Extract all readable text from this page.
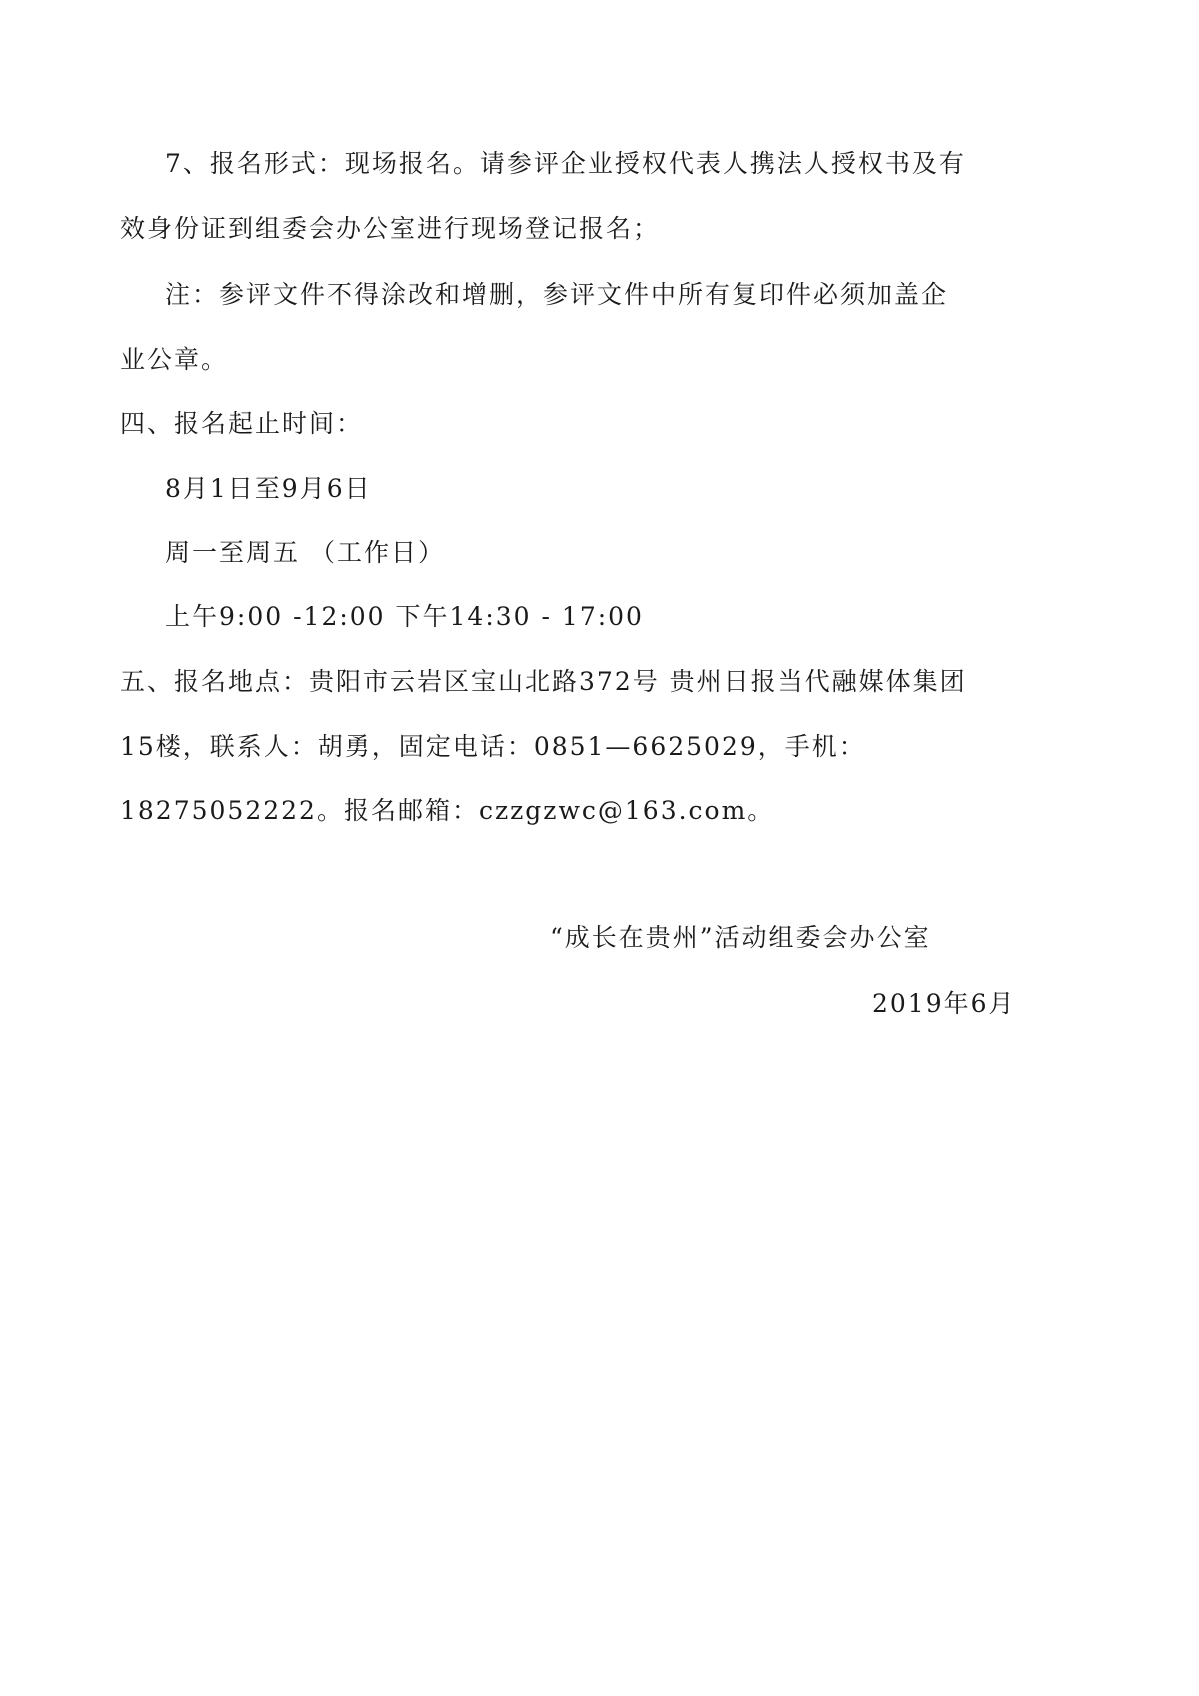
7、报名形式：现场报名。请参评企业授权代表人携法人授权书及有
效身份证到组委会办公室进行现场登记报名；
注：参评文件不得涂改和增删，参评文件中所有复印件必须加盖企
业公章。
四、报名起止时间：
8月1日至9月6日
周一至周五 （工作日）
上午9:00 -12:00 下午14:30 - 17:00
五、报名地点：贵阳市云岩区宝山北路372号 贵州日报当代融媒体集团
15楼，联系人：胡勇，固定电话：0851—6625029，手机：
18275052222。报名邮箱：czzgzwc@163.com。
“成长在贵州”活动组委会办公室
2019年6月
